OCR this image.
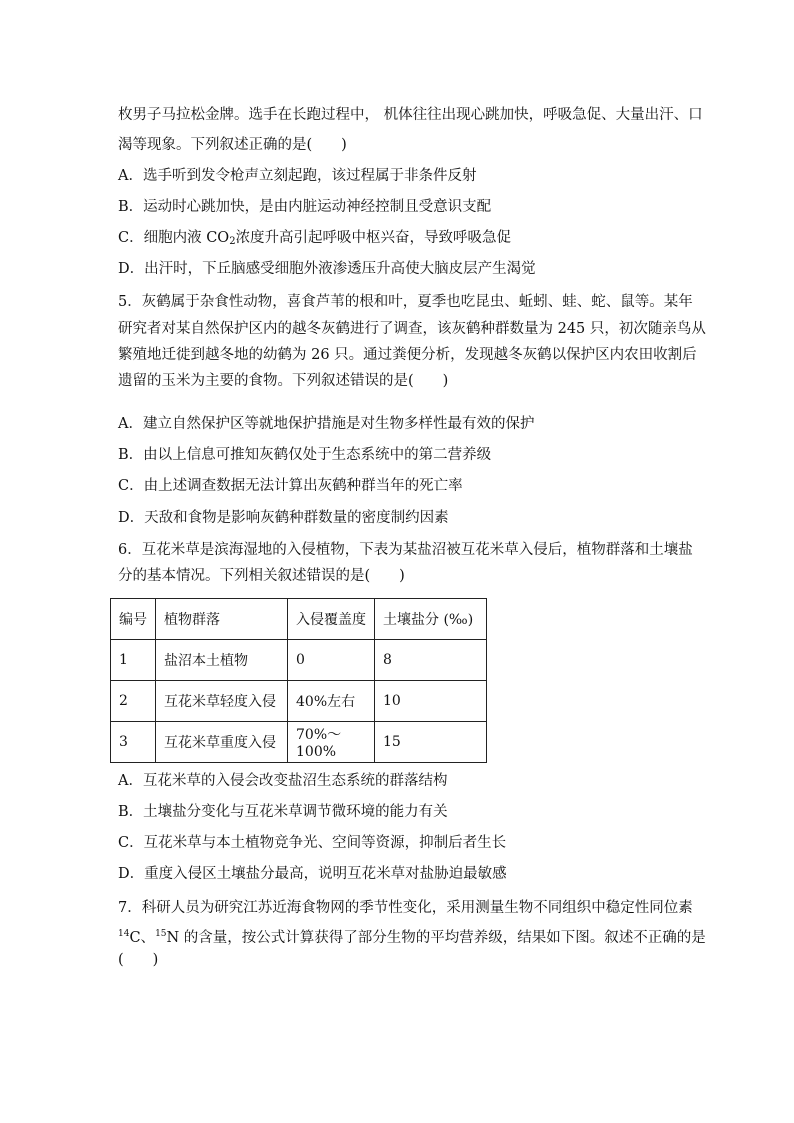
枚男子马拉松金牌。选手在长跑过程中， 机体往往出现心跳加快，呼吸急促、大量出汗、口
渴等现象。下列叙述正确的是(　　)
A．选手听到发令枪声立刻起跑，该过程属于非条件反射
B．运动时心跳加快，是由内脏运动神经控制且受意识支配
C．细胞内液 $CO_2$浓度升高引起呼吸中枢兴奋，导致呼吸急促
D．出汗时，下丘脑感受细胞外液渗透压升高使大脑皮层产生渴觉
5．灰鹤属于杂食性动物，喜食芦苇的根和叶，夏季也吃昆虫、蚯蚓、蛙、蛇、鼠等。某年
研究者对某自然保护区内的越冬灰鹤进行了调查，该灰鹤种群数量为 245 只，初次随亲鸟从
繁殖地迁徙到越冬地的幼鹤为 26 只。通过粪便分析，发现越冬灰鹤以保护区内农田收割后
遗留的玉米为主要的食物。下列叙述错误的是(　　)
A．建立自然保护区等就地保护措施是对生物多样性最有效的保护
B．由以上信息可推知灰鹤仅处于生态系统中的第二营养级
C．由上述调查数据无法计算出灰鹤种群当年的死亡率
D．天敌和食物是影响灰鹤种群数量的密度制约因素
6．互花米草是滨海湿地的入侵植物，下表为某盐沼被互花米草入侵后，植物群落和土壤盐
分的基本情况。下列相关叙述错误的是(　　)
编号	植物群落	入侵覆盖度	土壤盐分 (‰)
1	盐沼本土植物	0	8
2	互花米草轻度入侵	40%左右	10
3	互花米草重度入侵	70%～100%	15
A．互花米草的入侵会改变盐沼生态系统的群落结构
B．土壤盐分变化与互花米草调节微环境的能力有关
C．互花米草与本土植物竞争光、空间等资源，抑制后者生长
D．重度入侵区土壤盐分最高，说明互花米草对盐胁迫最敏感
7．科研人员为研究江苏近海食物网的季节性变化，采用测量生物不同组织中稳定性同位素
$^{14}$C、$^{15}$N 的含量，按公式计算获得了部分生物的平均营养级，结果如下图。叙述不正确的是
(　　)
